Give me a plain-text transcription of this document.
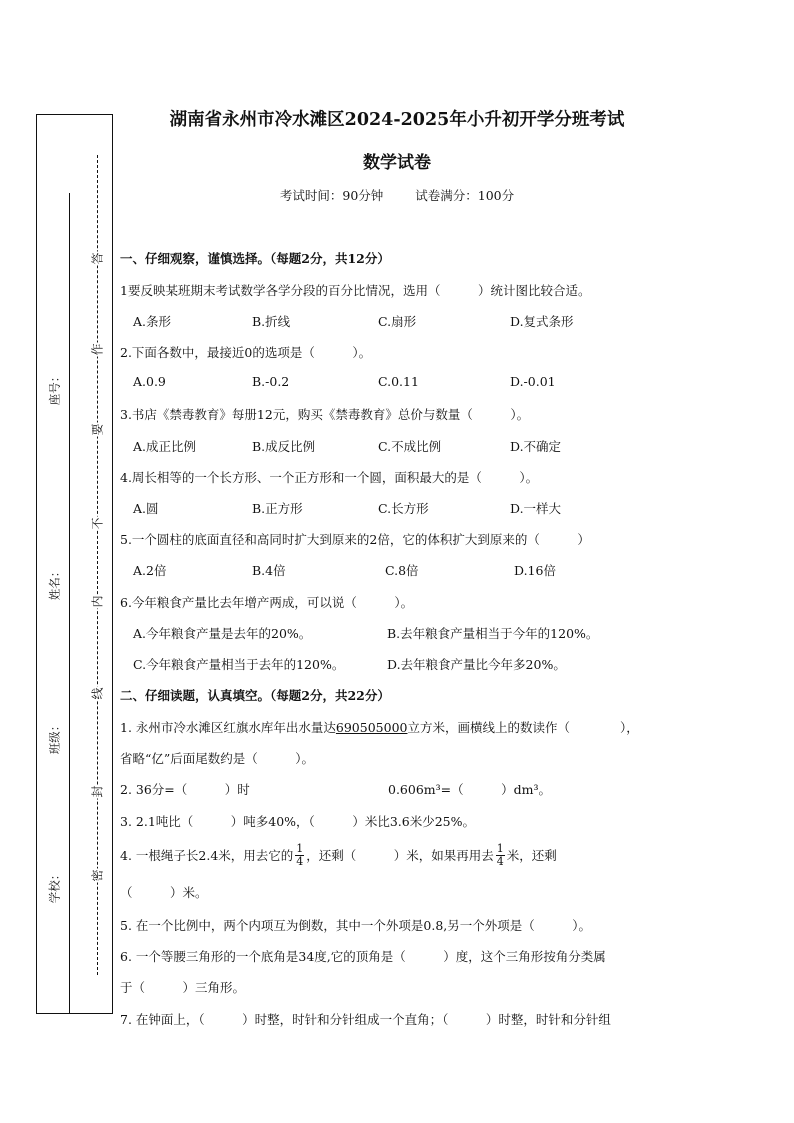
座号：
姓名：
班级：
学校：
答
作
要
不
内
线
封
密
湖南省永州市冷水滩区2024-2025年小升初开学分班考试
数学试卷
考试时间：90分钟	试卷满分：100分
一、仔细观察，谨慎选择。（每题2分，共12分）
1要反映某班期末考试数学各学分段的百分比情况，选用（　　　）统计图比较合适。
A.条形	B.折线	C.扇形	D.复式条形
2.下面各数中，最接近0的选项是（　　　）。
A.0.9	B.-0.2	C.0.11	D.-0.01
3.书店《禁毒教育》每册12元，购买《禁毒教育》总价与数量（　　　）。
A.成正比例	B.成反比例	C.不成比例	D.不确定
4.周长相等的一个长方形、一个正方形和一个圆，面积最大的是（　　　）。
A.圆	B.正方形	C.长方形	D.一样大
5.一个圆柱的底面直径和高同时扩大到原来的2倍，它的体积扩大到原来的（　　　）
A.2倍	B.4倍	C.8倍	D.16倍
6.今年粮食产量比去年增产两成，可以说（　　　）。
A.今年粮食产量是去年的20%。	B.去年粮食产量相当于今年的120%。
C.今年粮食产量相当于去年的120%。	D.去年粮食产量比今年多20%。
二、仔细读题，认真填空。（每题2分，共22分）
1. 永州市冷水滩区红旗水库年出水量达690505000立方米，画横线上的数读作（　　　　），
省略“亿”后面尾数约是（　　　）。
2. 36分=（　　　）时	0.606m³=（　　　）dm³。
3. 2.1吨比（　　　）吨多40%，（　　　）米比3.6米少25%。
4. 一根绳子长2.4米，用去它的 $\frac{1}{4}$ ，还剩（　　　）米，如果再用去 $\frac{1}{4}$ 米，还剩
（　　　）米。
5. 在一个比例中，两个内项互为倒数，其中一个外项是0.8,另一个外项是（　　　）。
6. 一个等腰三角形的一个底角是34度,它的顶角是（　　　）度，这个三角形按角分类属
于（　　　）三角形。
7. 在钟面上，（　　　）时整，时针和分针组成一个直角；（　　　）时整，时针和分针组
